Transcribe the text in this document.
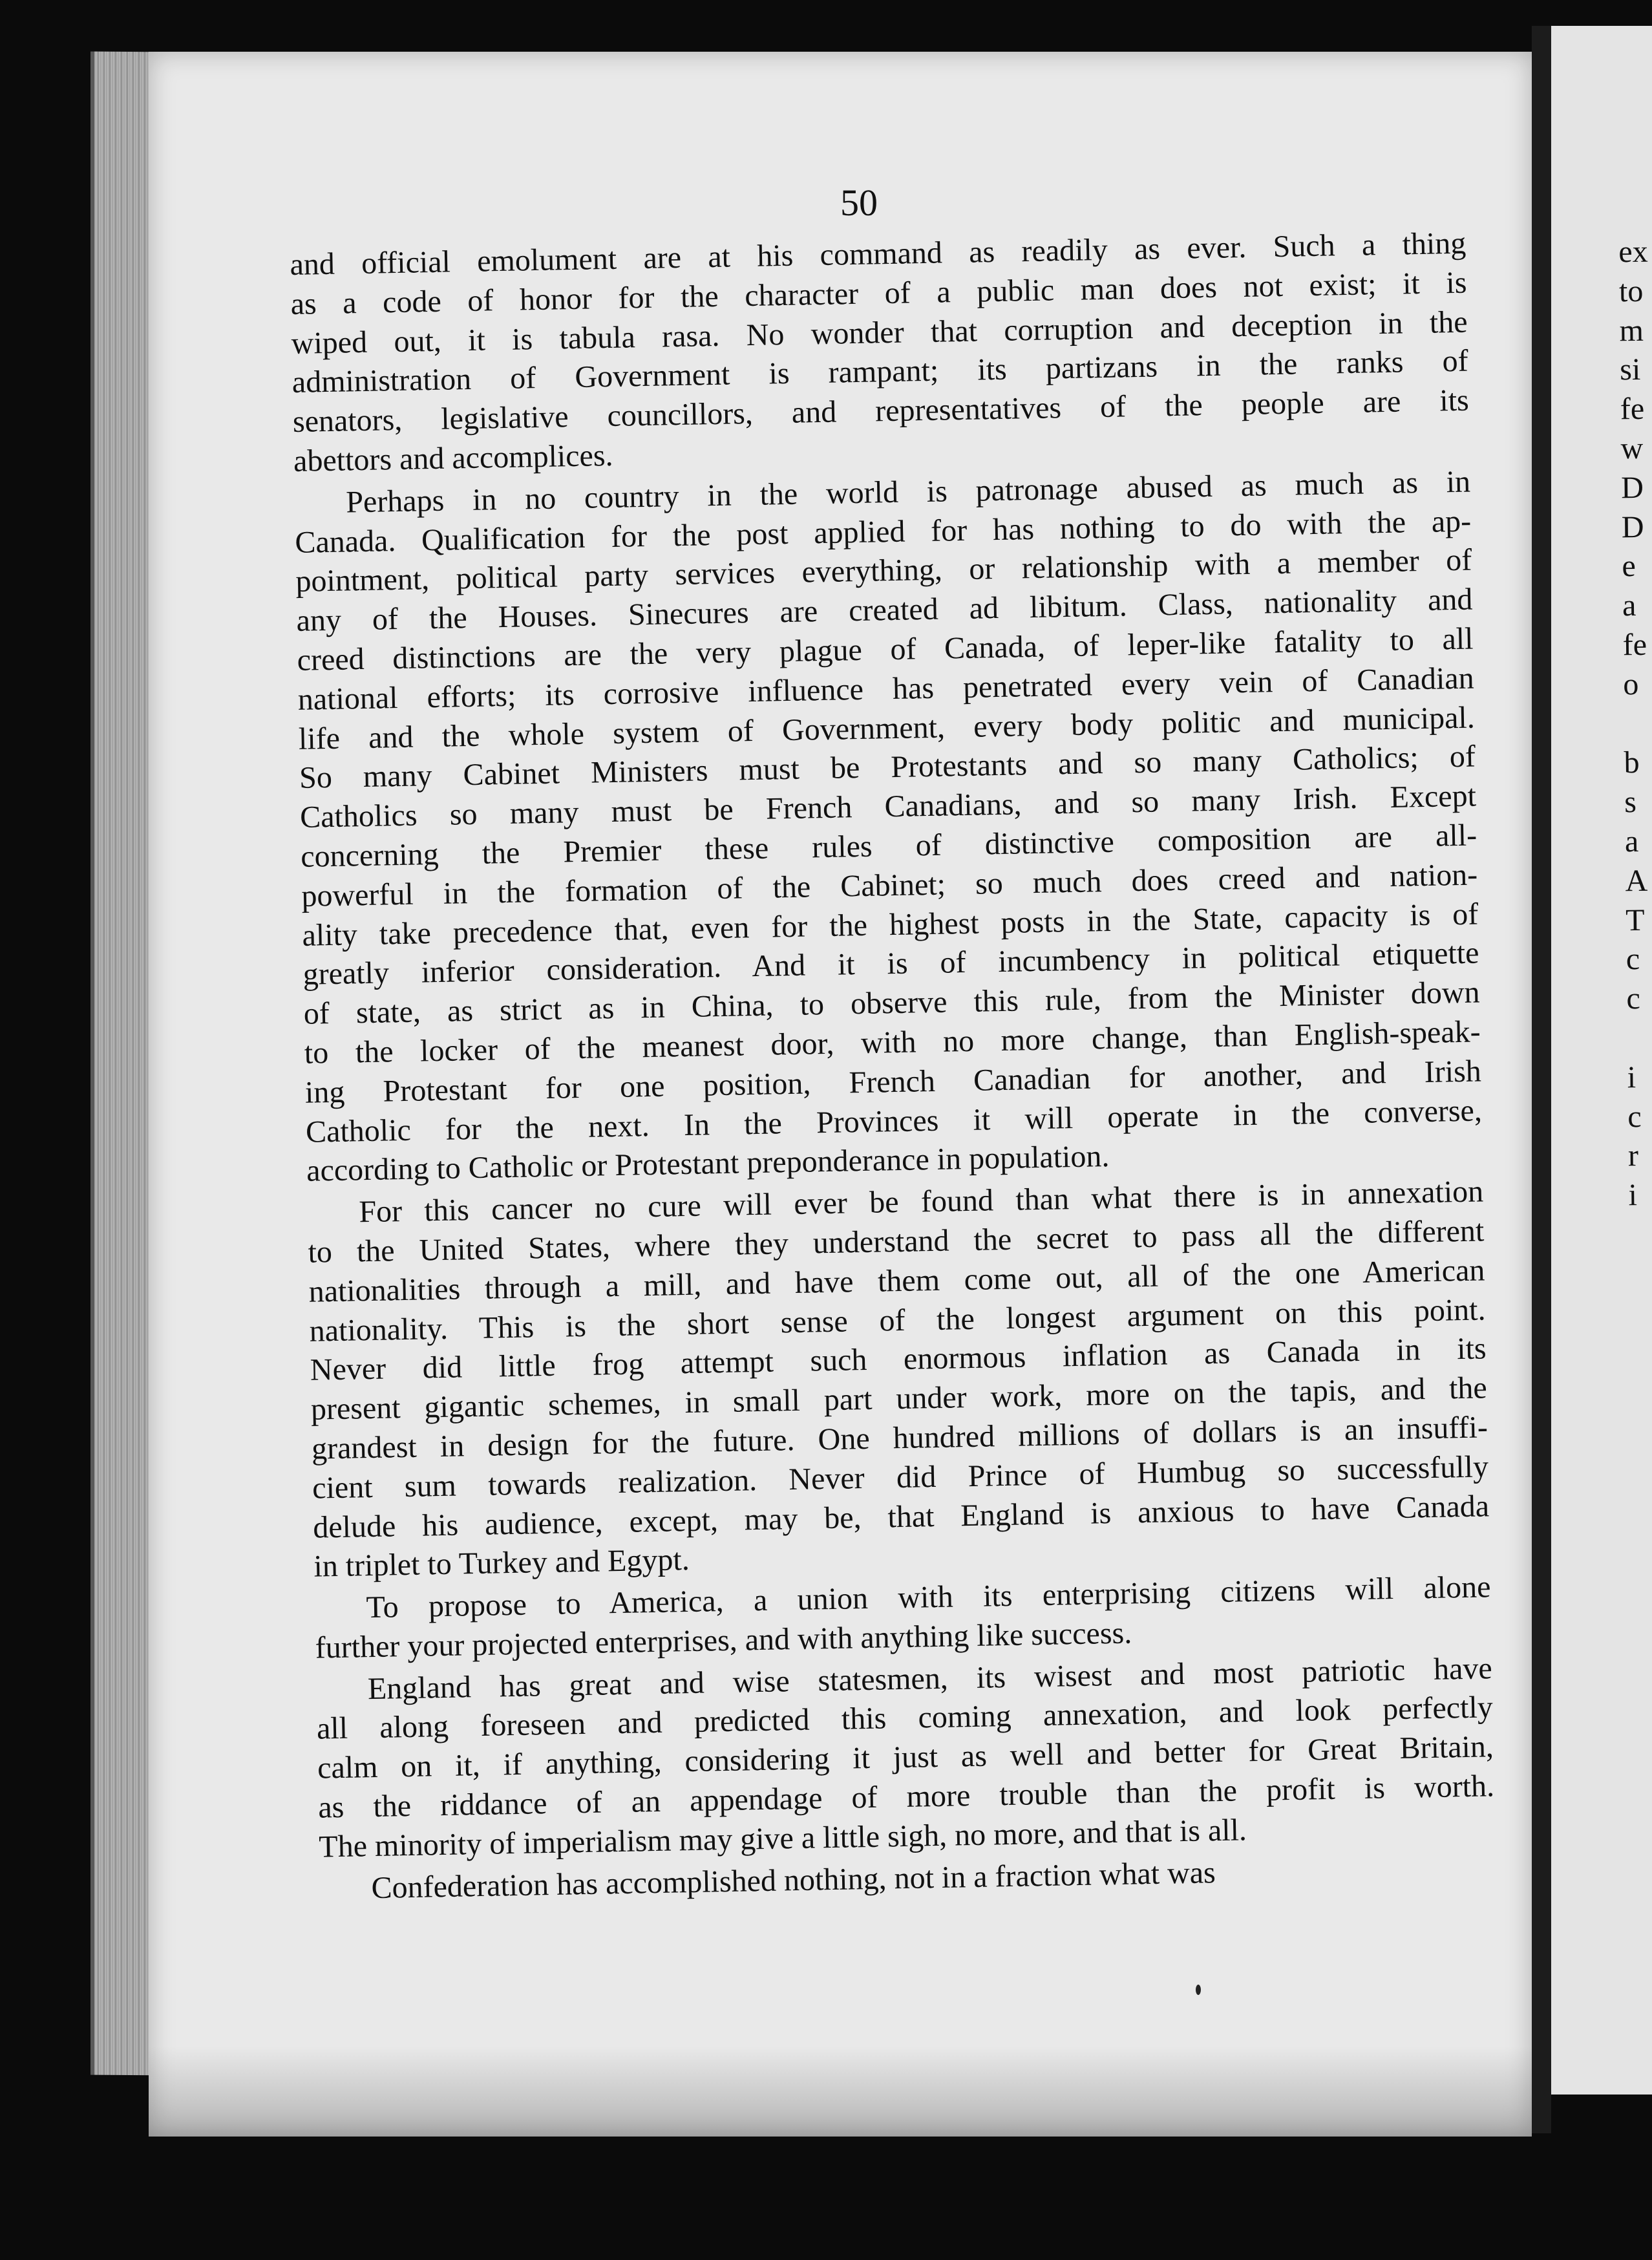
50
and official emolument are at his command as readily as ever. Such a thing
as a code of honor for the character of a public man does not exist; it is
wiped out, it is tabula rasa. No wonder that corruption and deception in the
administration of Government is rampant; its partizans in the ranks of
senators, legislative councillors, and representatives of the people are its
abettors and accomplices.
Perhaps in no country in the world is patronage abused as much as in
Canada. Qualification for the post applied for has nothing to do with the ap-
pointment, political party services everything, or relationship with a member of
any of the Houses. Sinecures are created ad libitum. Class, nationality and
creed distinctions are the very plague of Canada, of leper-like fatality to all
national efforts; its corrosive influence has penetrated every vein of Canadian
life and the whole system of Government, every body politic and municipal.
So many Cabinet Ministers must be Protestants and so many Catholics; of
Catholics so many must be French Canadians, and so many Irish. Except
concerning the Premier these rules of distinctive composition are all-
powerful in the formation of the Cabinet; so much does creed and nation-
ality take precedence that, even for the highest posts in the State, capacity is of
greatly inferior consideration. And it is of incumbency in political etiquette
of state, as strict as in China, to observe this rule, from the Minister down
to the locker of the meanest door, with no more change, than English-speak-
ing Protestant for one position, French Canadian for another, and Irish
Catholic for the next. In the Provinces it will operate in the converse,
according to Catholic or Protestant preponderance in population.
For this cancer no cure will ever be found than what there is in annexation
to the United States, where they understand the secret to pass all the different
nationalities through a mill, and have them come out, all of the one American
nationality. This is the short sense of the longest argument on this point.
Never did little frog attempt such enormous inflation as Canada in its
present gigantic schemes, in small part under work, more on the tapis, and the
grandest in design for the future. One hundred millions of dollars is an insuffi-
cient sum towards realization. Never did Prince of Humbug so successfully
delude his audience, except, may be, that England is anxious to have Canada
in triplet to Turkey and Egypt.
To propose to America, a union with its enterprising citizens will alone
further your projected enterprises, and with anything like success.
England has great and wise statesmen, its wisest and most patriotic have
all along foreseen and predicted this coming annexation, and look perfectly
calm on it, if anything, considering it just as well and better for Great Britain,
as the riddance of an appendage of more trouble than the profit is worth.
The minority of imperialism may give a little sigh, no more, and that is all.
Confederation has accomplished nothing, not in a fraction what was
ex
to
m
si
fe
w
D
D
e
a
fe
o
b
s
a
A
T
c
c
i
c
r
i
